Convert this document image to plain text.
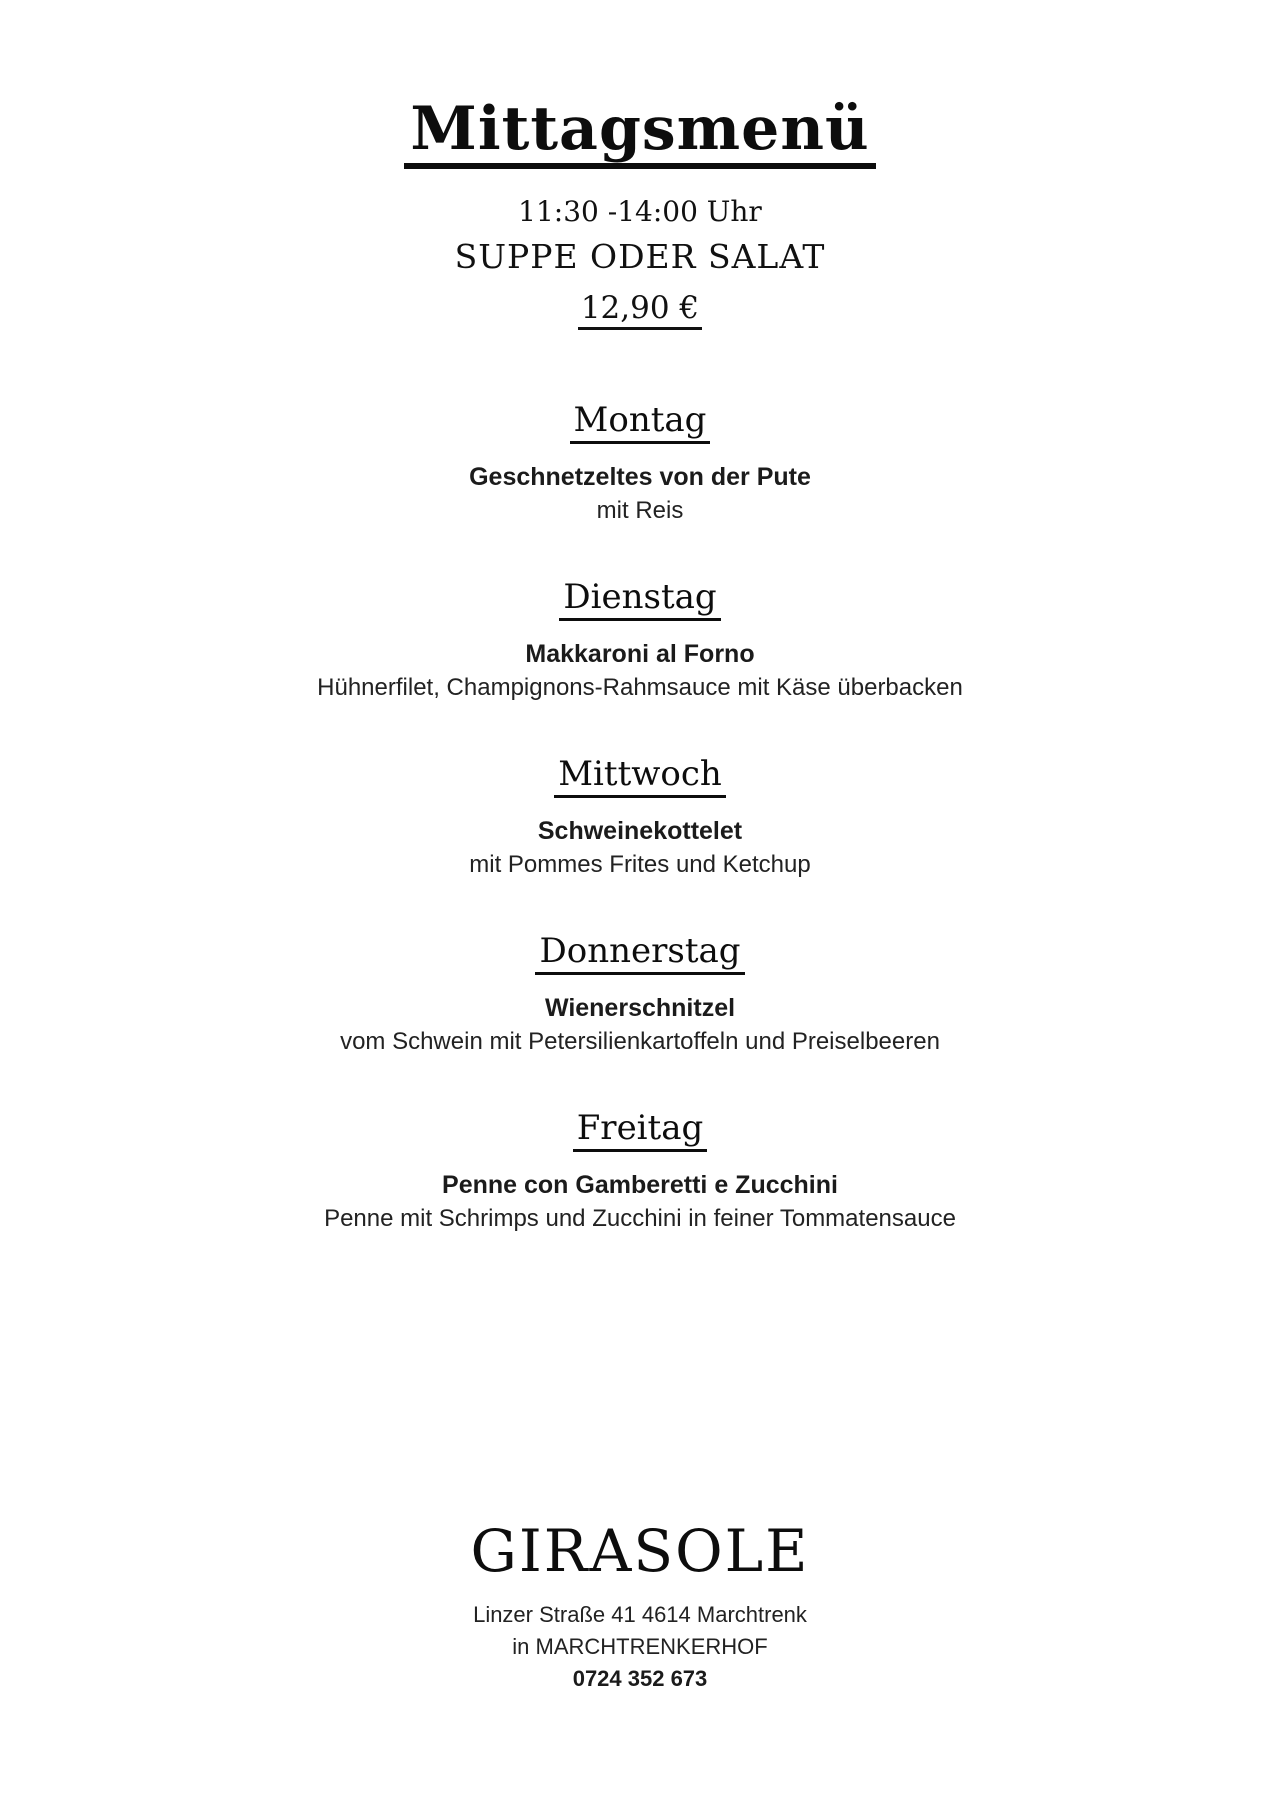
Mittagsmenü
11:30 -14:00 Uhr
SUPPE ODER SALAT
12,90 €
Montag
Geschnetzeltes von der Pute
mit Reis
Dienstag
Makkaroni al Forno
Hühnerfilet, Champignons-Rahmsauce mit Käse überbacken
Mittwoch
Schweinekottelet
mit Pommes Frites und Ketchup
Donnerstag
Wienerschnitzel
vom Schwein mit Petersilienkartoffeln und Preiselbeeren
Freitag
Penne con Gamberetti e Zucchini
Penne mit Schrimps und Zucchini in feiner Tommatensauce
GIRASOLE
Linzer Straße 41 4614 Marchtrenk
in MARCHTRENKERHOF
0724 352 673
